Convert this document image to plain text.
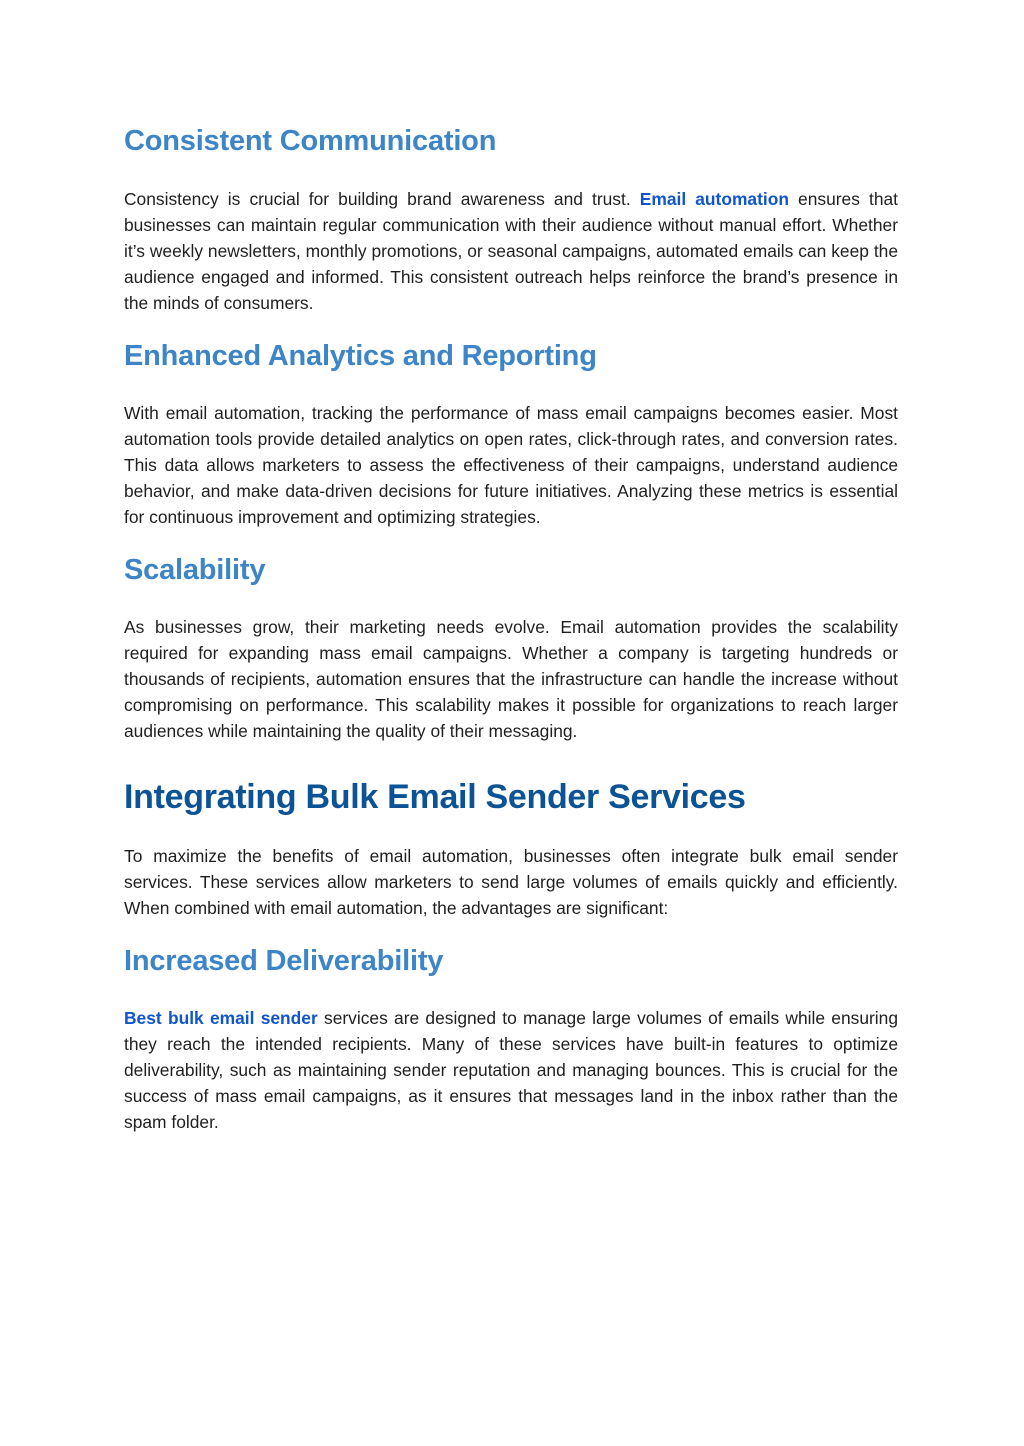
Consistent Communication

Consistency is crucial for building brand awareness and trust. Email automation ensures that businesses can maintain regular communication with their audience without manual effort. Whether it’s weekly newsletters, monthly promotions, or seasonal campaigns, automated emails can keep the audience engaged and informed. This consistent outreach helps reinforce the brand’s presence in the minds of consumers.

Enhanced Analytics and Reporting

With email automation, tracking the performance of mass email campaigns becomes easier. Most automation tools provide detailed analytics on open rates, click-through rates, and conversion rates. This data allows marketers to assess the effectiveness of their campaigns, understand audience behavior, and make data-driven decisions for future initiatives. Analyzing these metrics is essential for continuous improvement and optimizing strategies.

Scalability

As businesses grow, their marketing needs evolve. Email automation provides the scalability required for expanding mass email campaigns. Whether a company is targeting hundreds or thousands of recipients, automation ensures that the infrastructure can handle the increase without compromising on performance. This scalability makes it possible for organizations to reach larger audiences while maintaining the quality of their messaging.

Integrating Bulk Email Sender Services

To maximize the benefits of email automation, businesses often integrate bulk email sender services. These services allow marketers to send large volumes of emails quickly and efficiently. When combined with email automation, the advantages are significant:

Increased Deliverability

Best bulk email sender services are designed to manage large volumes of emails while ensuring they reach the intended recipients. Many of these services have built-in features to optimize deliverability, such as maintaining sender reputation and managing bounces. This is crucial for the success of mass email campaigns, as it ensures that messages land in the inbox rather than the spam folder.
